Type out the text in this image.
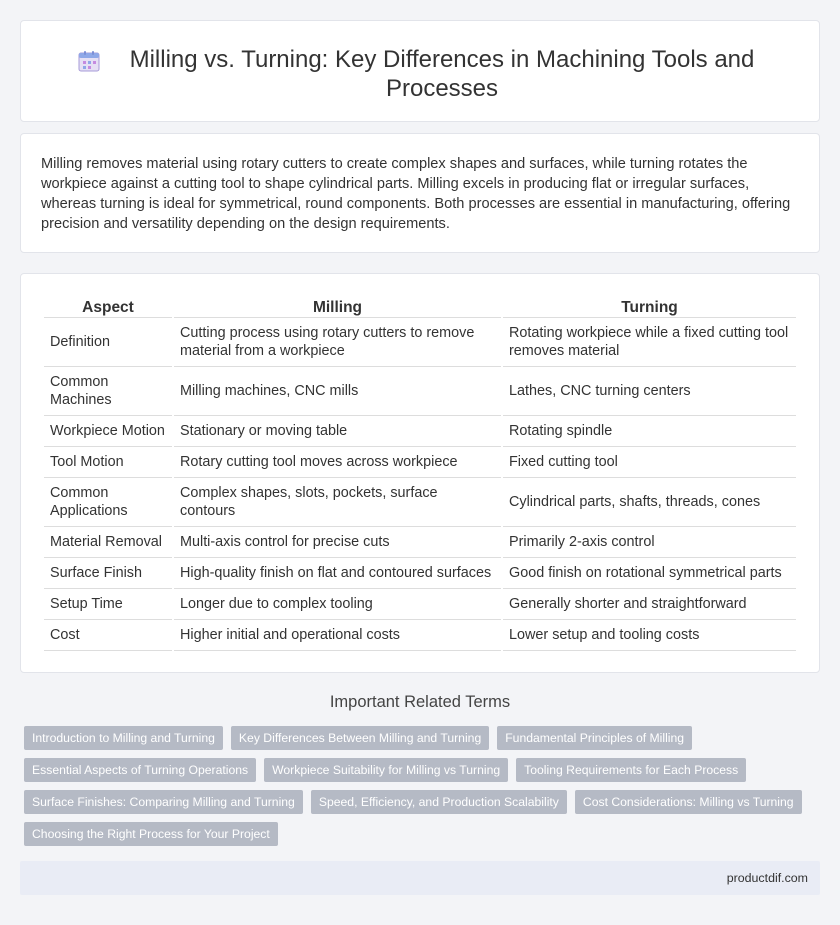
Milling vs. Turning: Key Differences in Machining Tools and Processes

Milling removes material using rotary cutters to create complex shapes and surfaces, while turning rotates the workpiece against a cutting tool to shape cylindrical parts. Milling excels in producing flat or irregular surfaces, whereas turning is ideal for symmetrical, round components. Both processes are essential in manufacturing, offering precision and versatility depending on the design requirements.

Aspect	Milling	Turning
Definition	Cutting process using rotary cutters to remove material from a workpiece	Rotating workpiece while a fixed cutting tool removes material
Common Machines	Milling machines, CNC mills	Lathes, CNC turning centers
Workpiece Motion	Stationary or moving table	Rotating spindle
Tool Motion	Rotary cutting tool moves across workpiece	Fixed cutting tool
Common Applications	Complex shapes, slots, pockets, surface contours	Cylindrical parts, shafts, threads, cones
Material Removal	Multi-axis control for precise cuts	Primarily 2-axis control
Surface Finish	High-quality finish on flat and contoured surfaces	Good finish on rotational symmetrical parts
Setup Time	Longer due to complex tooling	Generally shorter and straightforward
Cost	Higher initial and operational costs	Lower setup and tooling costs
Important Related Terms
Introduction to Milling and Turning	Key Differences Between Milling and Turning	Fundamental Principles of Milling
Essential Aspects of Turning Operations	Workpiece Suitability for Milling vs Turning	Tooling Requirements for Each Process
Surface Finishes: Comparing Milling and Turning	Speed, Efficiency, and Production Scalability	Cost Considerations: Milling vs Turning
Choosing the Right Process for Your Project
productdif.com
